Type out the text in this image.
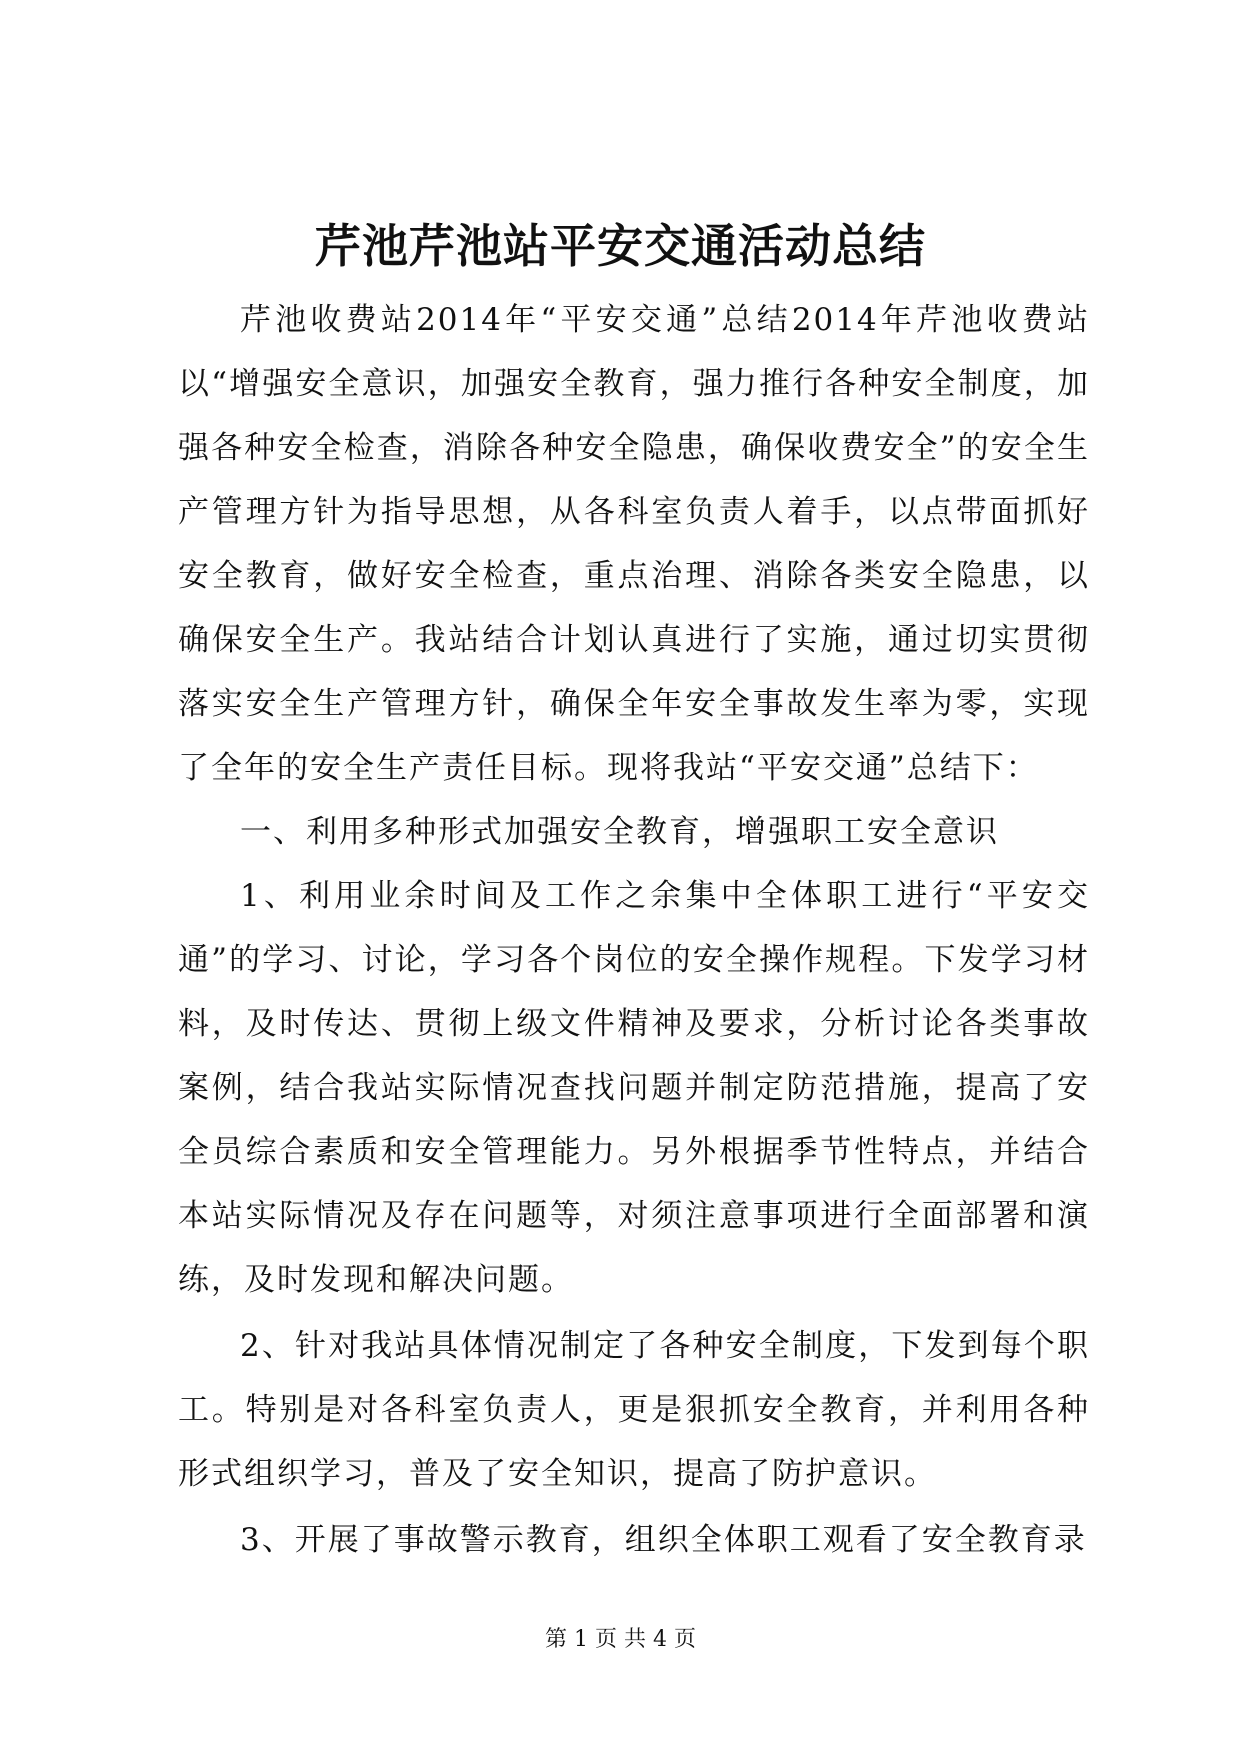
芹池芹池站平安交通活动总结

芹池收费站2014年“平安交通”总结2014年芹池收费站以“增强安全意识，加强安全教育，强力推行各种安全制度，加强各种安全检查，消除各种安全隐患，确保收费安全”的安全生产管理方针为指导思想，从各科室负责人着手，以点带面抓好安全教育，做好安全检查，重点治理、消除各类安全隐患，以确保安全生产。我站结合计划认真进行了实施，通过切实贯彻落实安全生产管理方针，确保全年安全事故发生率为零，实现了全年的安全生产责任目标。现将我站“平安交通”总结下：

一、利用多种形式加强安全教育，增强职工安全意识

1、利用业余时间及工作之余集中全体职工进行“平安交通”的学习、讨论，学习各个岗位的安全操作规程。下发学习材料，及时传达、贯彻上级文件精神及要求，分析讨论各类事故案例，结合我站实际情况查找问题并制定防范措施，提高了安全员综合素质和安全管理能力。另外根据季节性特点，并结合本站实际情况及存在问题等，对须注意事项进行全面部署和演练，及时发现和解决问题。

2、针对我站具体情况制定了各种安全制度，下发到每个职工。特别是对各科室负责人，更是狠抓安全教育，并利用各种形式组织学习，普及了安全知识，提高了防护意识。

3、开展了事故警示教育，组织全体职工观看了安全教育录

第 1 页 共 4 页
